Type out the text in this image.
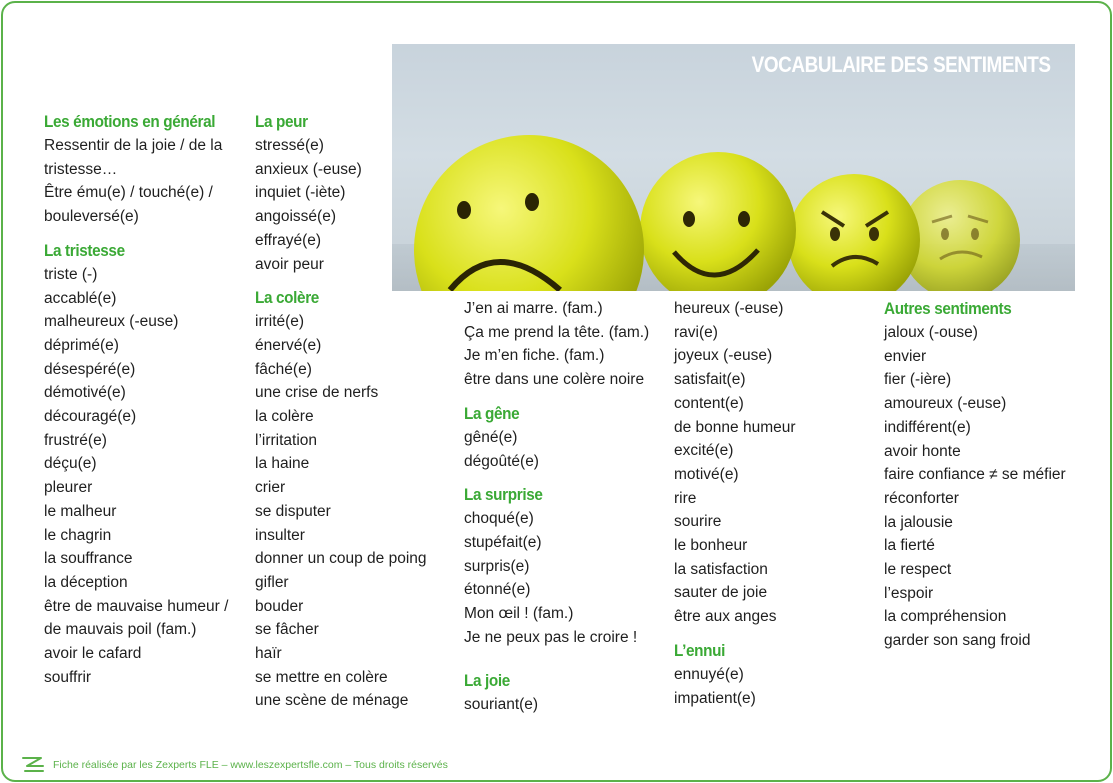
VOCABULAIRE DES SENTIMENTS
Les émotions en général
Ressentir de la joie / de la
tristesse…
Être ému(e) / touché(e) /
bouleversé(e)
La tristesse
triste (-)
accablé(e)
malheureux (-euse)
déprimé(e)
désespéré(e)
démotivé(e)
découragé(e)
frustré(e)
déçu(e)
pleurer
le malheur
le chagrin
la souffrance
la déception
être de mauvaise humeur /
de mauvais poil (fam.)
avoir le cafard
souffrir
La peur
stressé(e)
anxieux (-euse)
inquiet (-iète)
angoissé(e)
effrayé(e)
avoir peur
La colère
irrité(e)
énervé(e)
fâché(e)
une crise de nerfs
la colère
l’irritation
la haine
crier
se disputer
insulter
donner un coup de poing
gifler
bouder
se fâcher
haïr
se mettre en colère
une scène de ménage
J’en ai marre. (fam.)
Ça me prend la tête. (fam.)
Je m’en fiche. (fam.)
être dans une colère noire
La gêne
gêné(e)
dégoûté(e)
La surprise
choqué(e)
stupéfait(e)
surpris(e)
étonné(e)
Mon œil ! (fam.)
Je ne peux pas le croire !
La joie
souriant(e)
heureux (-euse)
ravi(e)
joyeux (-euse)
satisfait(e)
content(e)
de bonne humeur
excité(e)
motivé(e)
rire
sourire
le bonheur
la satisfaction
sauter de joie
être aux anges
L’ennui
ennuyé(e)
impatient(e)
Autres sentiments
jaloux (-ouse)
envier
fier (-ière)
amoureux (-euse)
indifférent(e)
avoir honte
faire confiance ≠ se méfier
réconforter
la jalousie
la fierté
le respect
l’espoir
la compréhension
garder son sang froid
Fiche réalisée par les Zexperts FLE – www.leszexpertsfle.com – Tous droits réservés
